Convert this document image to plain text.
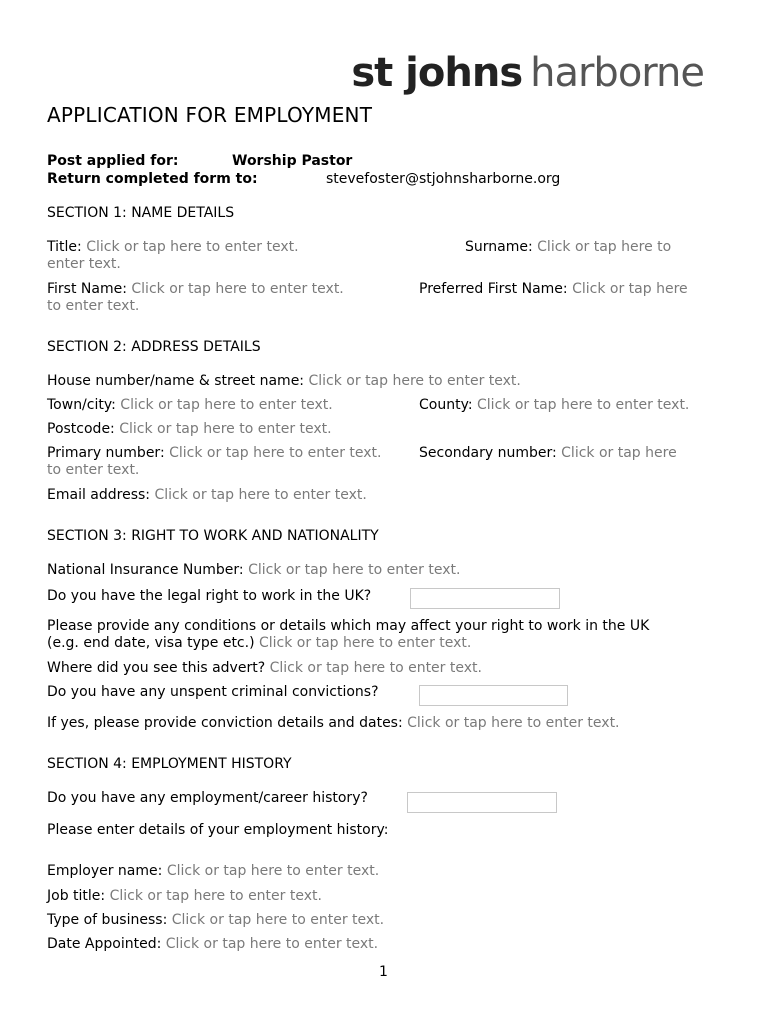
st johns harborne
APPLICATION FOR EMPLOYMENT
Post applied for:	Worship Pastor
Return completed form to:	stevefoster@stjohnsharborne.org
SECTION 1: NAME DETAILS
Title: Click or tap here to enter text.	Surname: Click or tap here to
enter text.
First Name: Click or tap here to enter text.	Preferred First Name: Click or tap here
to enter text.
SECTION 2: ADDRESS DETAILS
House number/name & street name: Click or tap here to enter text.
Town/city: Click or tap here to enter text.	County: Click or tap here to enter text.
Postcode: Click or tap here to enter text.
Primary number: Click or tap here to enter text.	Secondary number: Click or tap here
to enter text.
Email address: Click or tap here to enter text.
SECTION 3: RIGHT TO WORK AND NATIONALITY
National Insurance Number: Click or tap here to enter text.
Do you have the legal right to work in the UK?
Please provide any conditions or details which may affect your right to work in the UK
(e.g. end date, visa type etc.) Click or tap here to enter text.
Where did you see this advert? Click or tap here to enter text.
Do you have any unspent criminal convictions?
If yes, please provide conviction details and dates: Click or tap here to enter text.
SECTION 4: EMPLOYMENT HISTORY
Do you have any employment/career history?
Please enter details of your employment history:
Employer name: Click or tap here to enter text.
Job title: Click or tap here to enter text.
Type of business: Click or tap here to enter text.
Date Appointed: Click or tap here to enter text.
1
